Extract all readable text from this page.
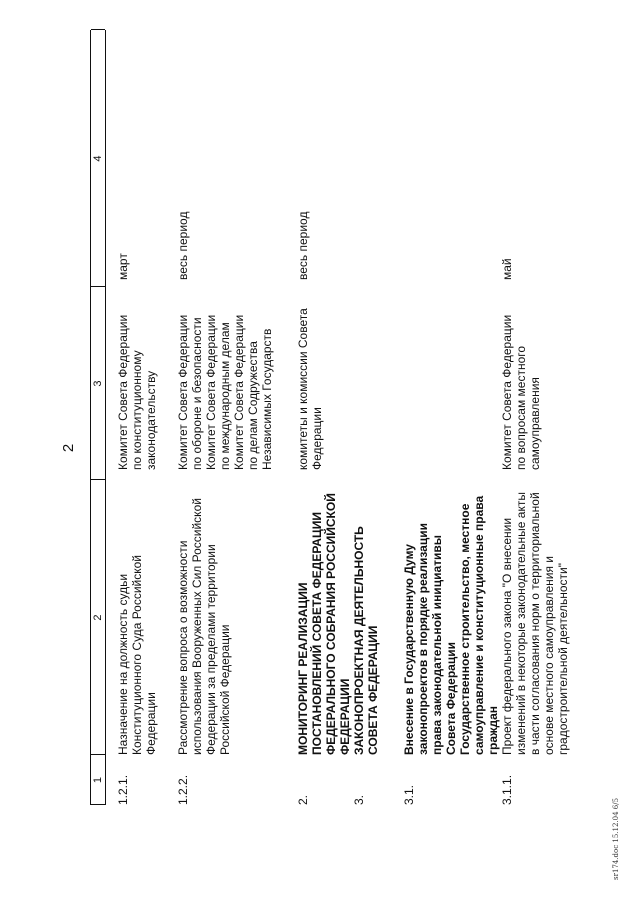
2
1
2
3
4
1.2.1.
Назначение на должность судьи Конституционного Суда Российской Федерации
Комитет Совета Федерации по конституционному законодательству
март
1.2.2.
Рассмотрение вопроса о возможности использования Вооруженных Сил Российской Федерации за пределами территории Российской Федерации
Комитет Совета Федерации по обороне и безопасности Комитет Совета Федерации по международным делам Комитет Совета Федерации по делам Содружества Независимых Государств
весь период
2.
МОНИТОРИНГ РЕАЛИЗАЦИИ ПОСТАНОВЛЕНИЙ СОВЕТА ФЕДЕРАЦИИ ФЕДЕРАЛЬНОГО СОБРАНИЯ РОССИЙСКОЙ ФЕДЕРАЦИИ
комитеты и комиссии Совета Федерации
весь период
3.
ЗАКОНОПРОЕКТНАЯ ДЕЯТЕЛЬНОСТЬ СОВЕТА ФЕДЕРАЦИИ
3.1.
Внесение в Государственную Думу законопроектов в порядке реализации права законодательной инициативы Совета Федерации Государственное строительство, местное самоуправление и конституционные права граждан
3.1.1.
Проект федерального закона "О внесении изменений в некоторые законодательные акты в части согласования норм о территориальной основе местного самоуправления и градостроительной деятельности"
Комитет Совета Федерации по вопросам местного самоуправления
май
sr174.doc 15.12.04 6/5
